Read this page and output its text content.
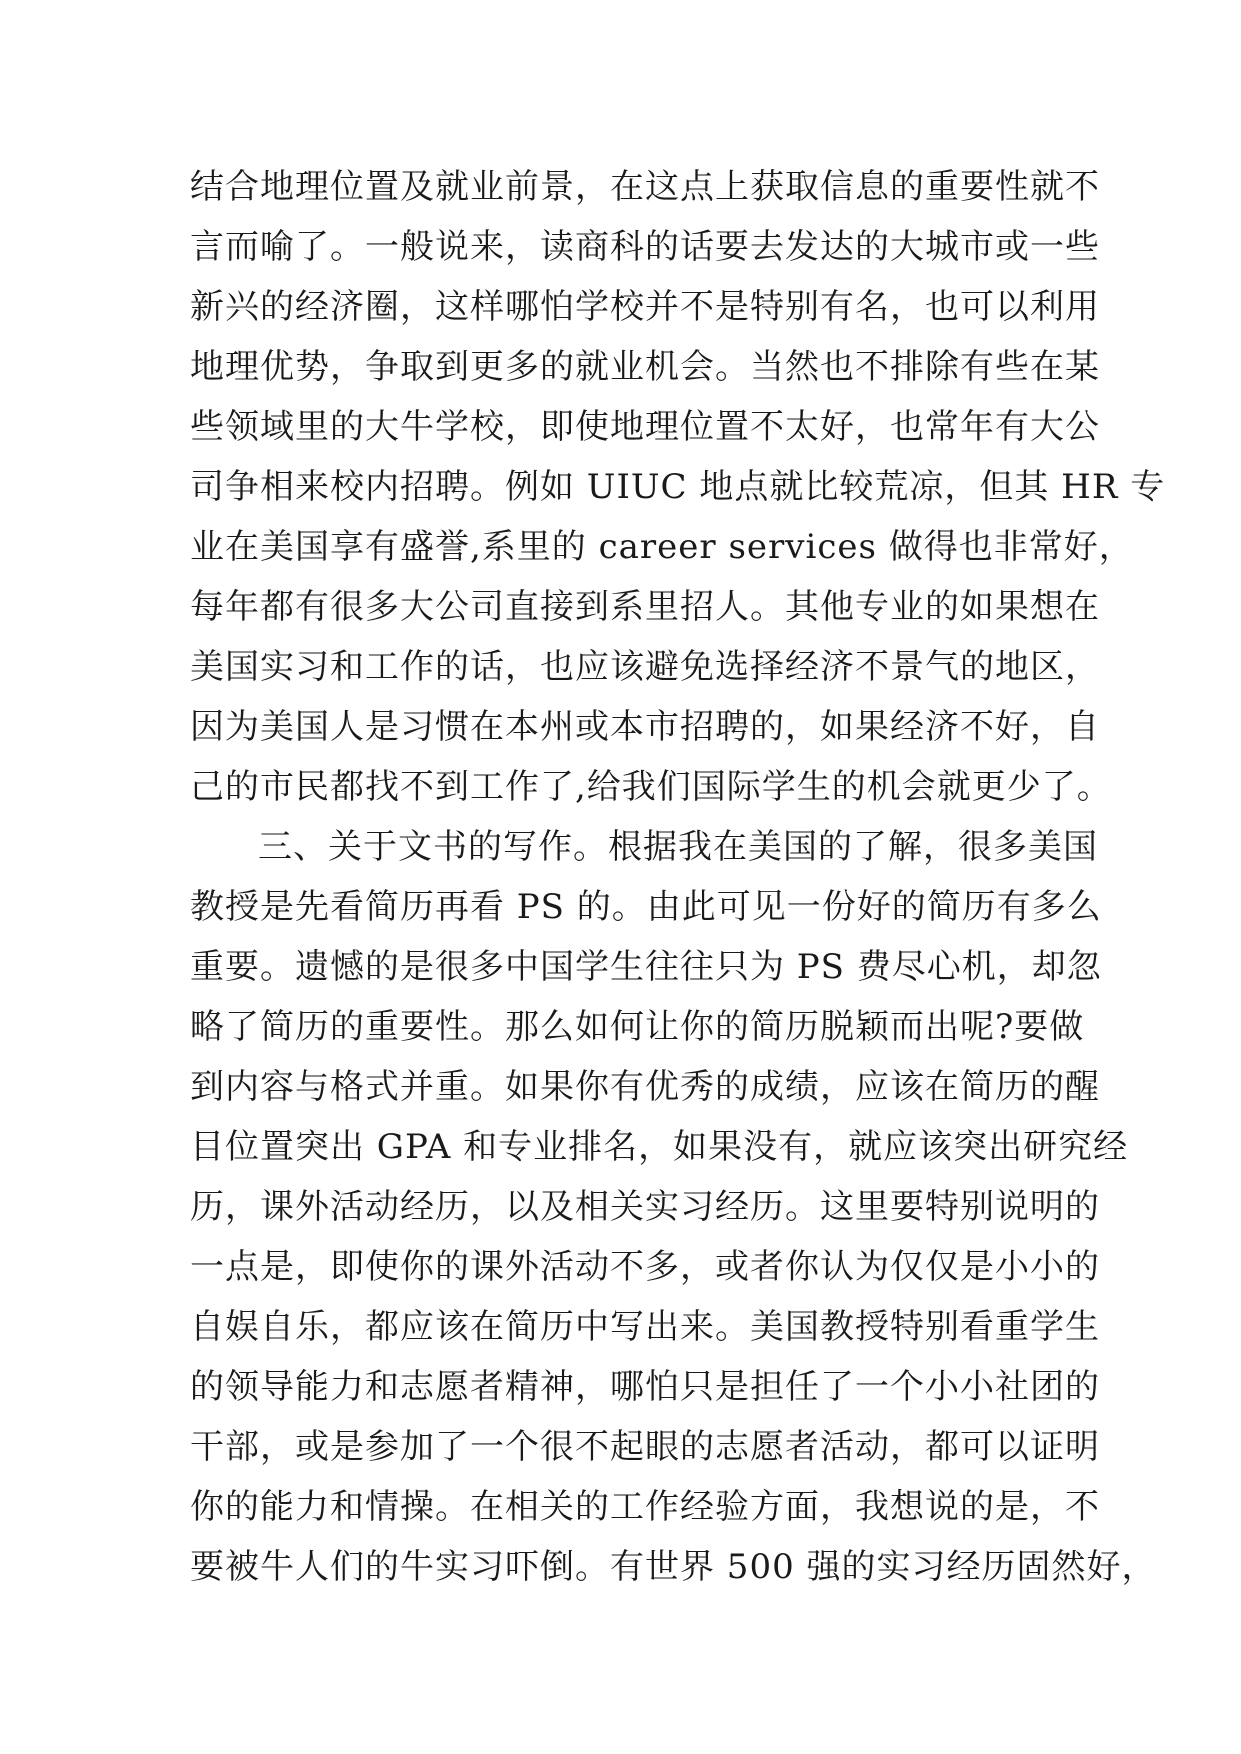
结合地理位置及就业前景，在这点上获取信息的重要性就不
言而喻了。一般说来，读商科的话要去发达的大城市或一些
新兴的经济圈，这样哪怕学校并不是特别有名，也可以利用
地理优势，争取到更多的就业机会。当然也不排除有些在某
些领域里的大牛学校，即使地理位置不太好，也常年有大公
司争相来校内招聘。例如 UIUC 地点就比较荒凉，但其 HR 专
业在美国享有盛誉,系里的 career services 做得也非常好，
每年都有很多大公司直接到系里招人。其他专业的如果想在
美国实习和工作的话，也应该避免选择经济不景气的地区，
因为美国人是习惯在本州或本市招聘的，如果经济不好，自
己的市民都找不到工作了,给我们国际学生的机会就更少了。
三、关于文书的写作。根据我在美国的了解，很多美国
教授是先看简历再看 PS 的。由此可见一份好的简历有多么
重要。遗憾的是很多中国学生往往只为 PS 费尽心机，却忽
略了简历的重要性。那么如何让你的简历脱颖而出呢?要做
到内容与格式并重。如果你有优秀的成绩，应该在简历的醒
目位置突出 GPA 和专业排名，如果没有，就应该突出研究经
历，课外活动经历，以及相关实习经历。这里要特别说明的
一点是，即使你的课外活动不多，或者你认为仅仅是小小的
自娱自乐，都应该在简历中写出来。美国教授特别看重学生
的领导能力和志愿者精神，哪怕只是担任了一个小小社团的
干部，或是参加了一个很不起眼的志愿者活动，都可以证明
你的能力和情操。在相关的工作经验方面，我想说的是，不
要被牛人们的牛实习吓倒。有世界 500 强的实习经历固然好，
